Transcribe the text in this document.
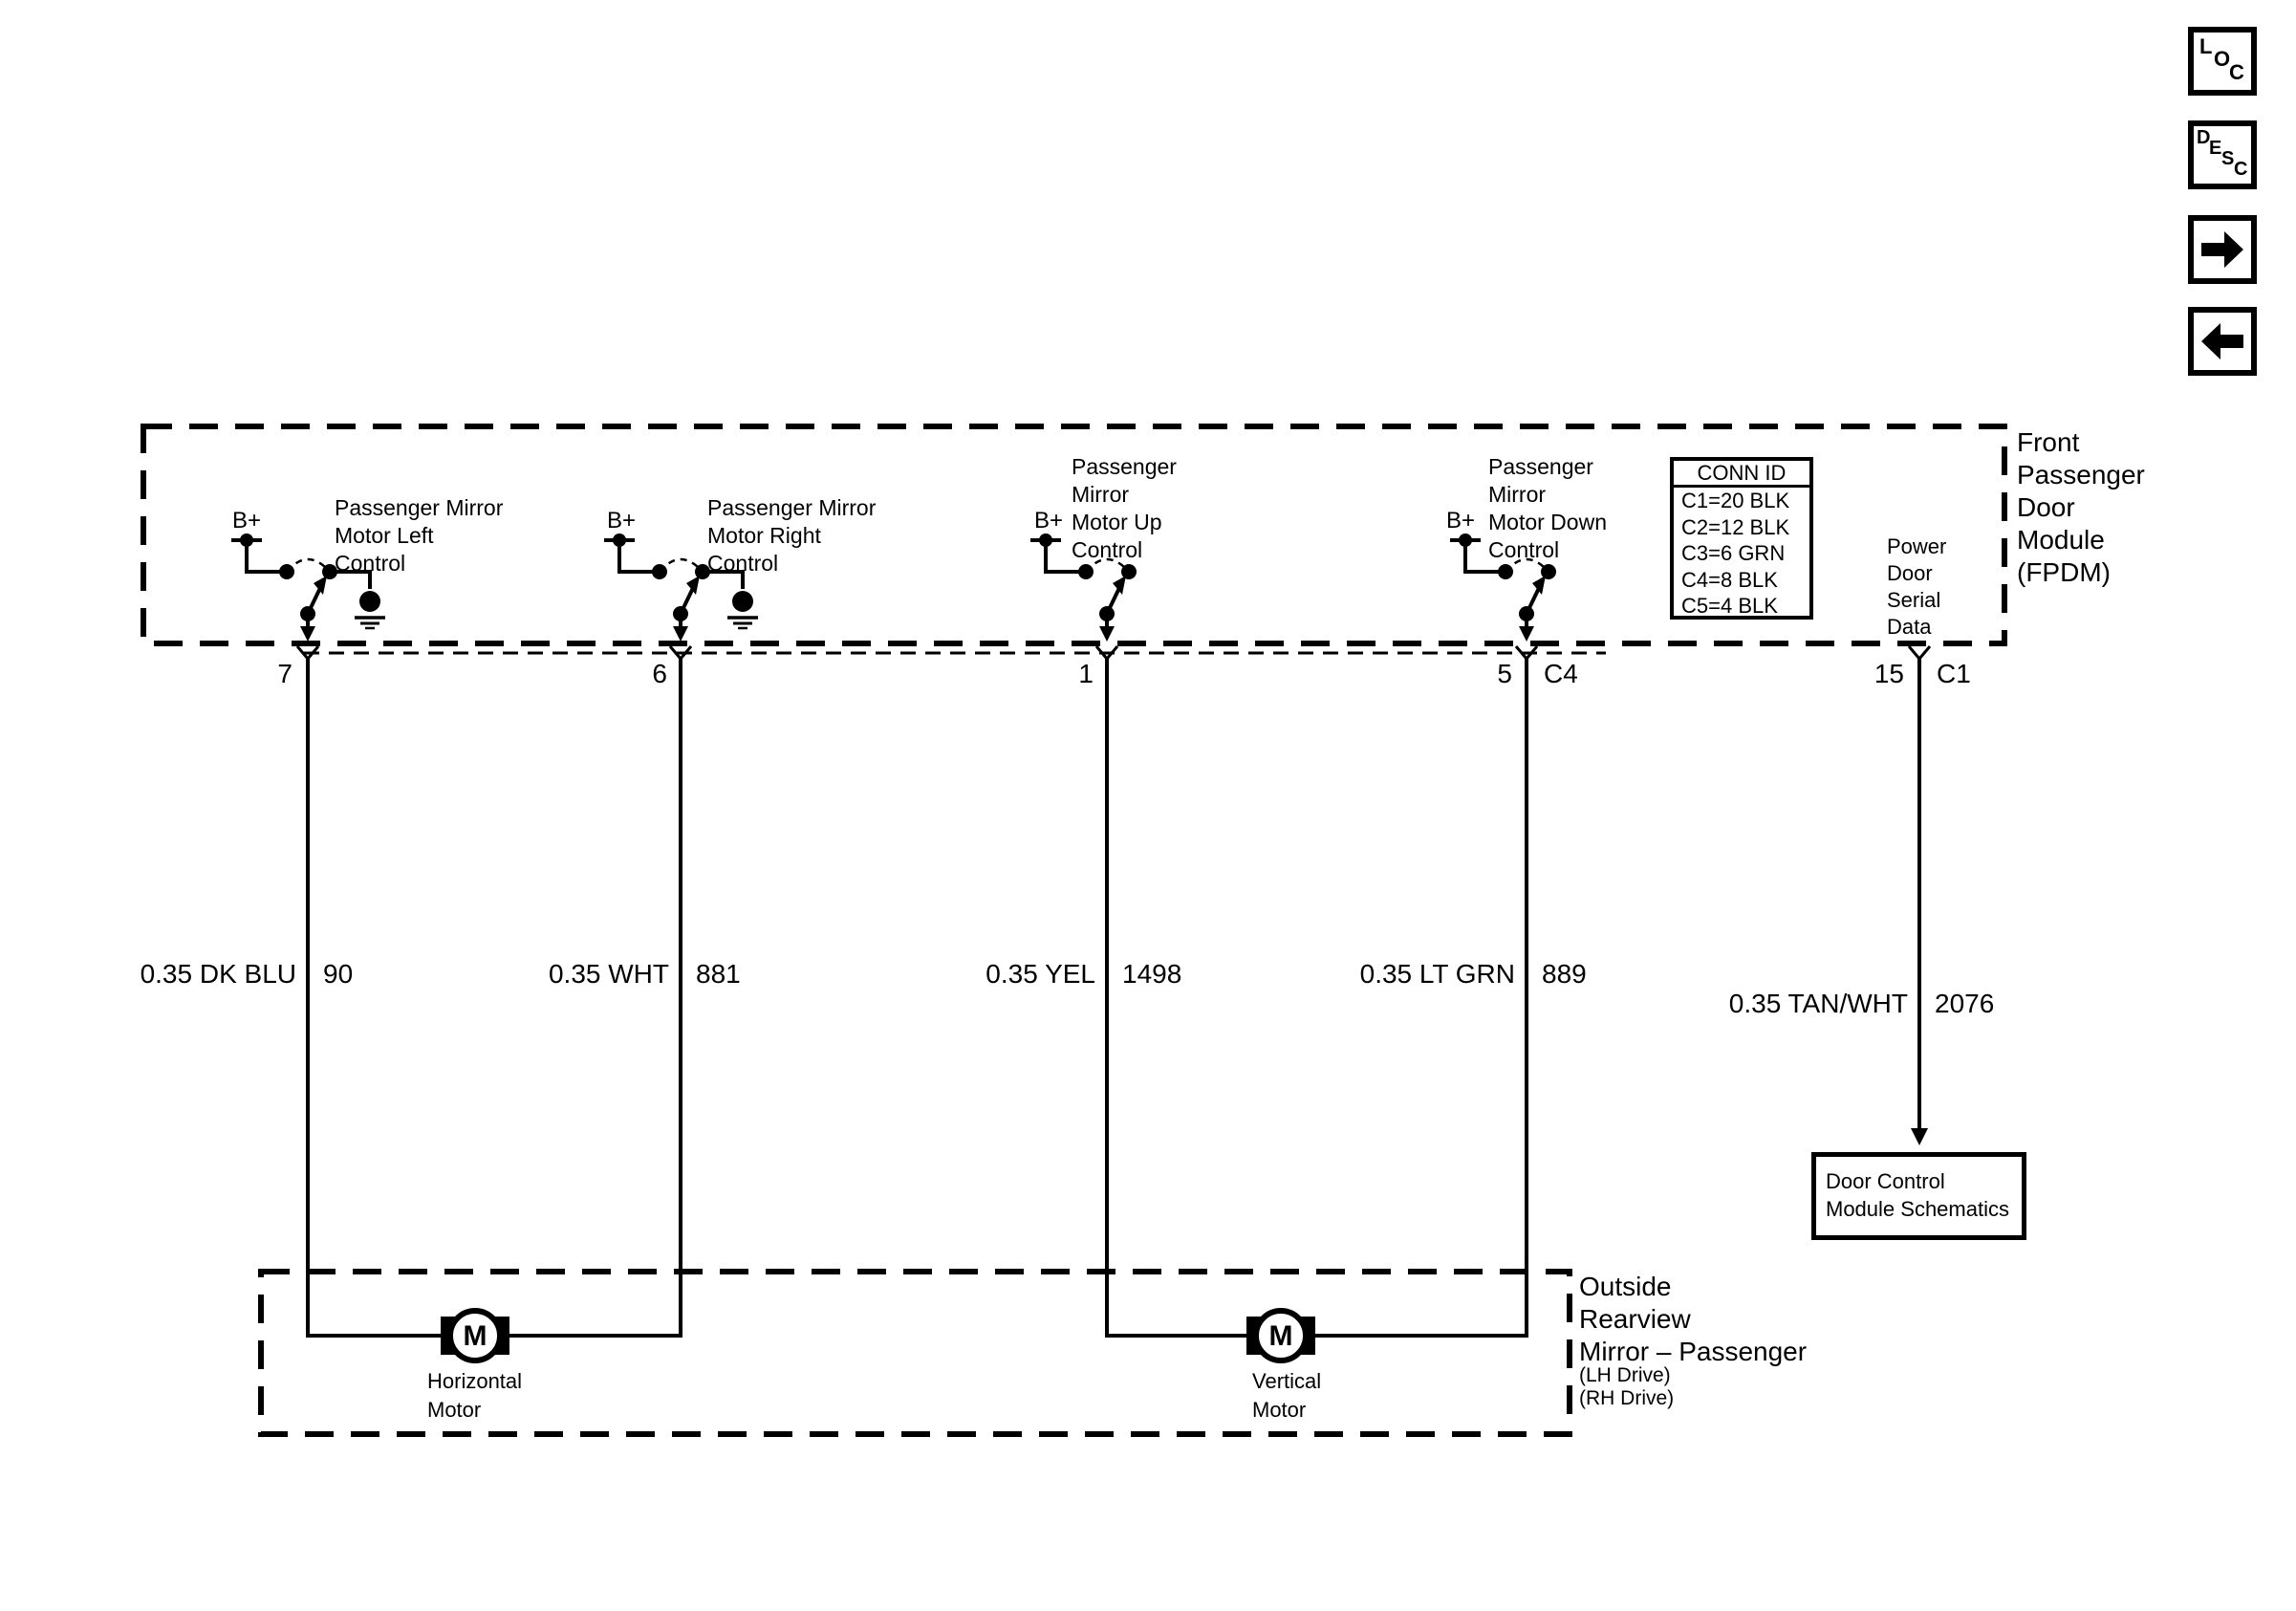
B+	B+	B+	B+
Passenger Mirror
Motor Left
Control
Passenger Mirror
Motor Right
Control
Passenger
Mirror
Motor Up
Control
Passenger
Mirror
Motor Down
Control
CONN ID
C1=20 BLK
C2=12 BLK
C3=6 GRN
C4=8 BLK
C5=4 BLK
Power
Door
Serial
Data
Front
Passenger
Door
Module
(FPDM)
7	6	1	5 C4	15 C1
0.35 DK BLU 90	0.35 WHT 881	0.35 YEL 1498	0.35 LT GRN 889
0.35 TAN/WHT 2076
Door Control
Module Schematics
M	M
Horizontal
Motor
Vertical
Motor
Outside
Rearview
Mirror – Passenger
(LH Drive)
(RH Drive)
L
O
C
D
E S C
